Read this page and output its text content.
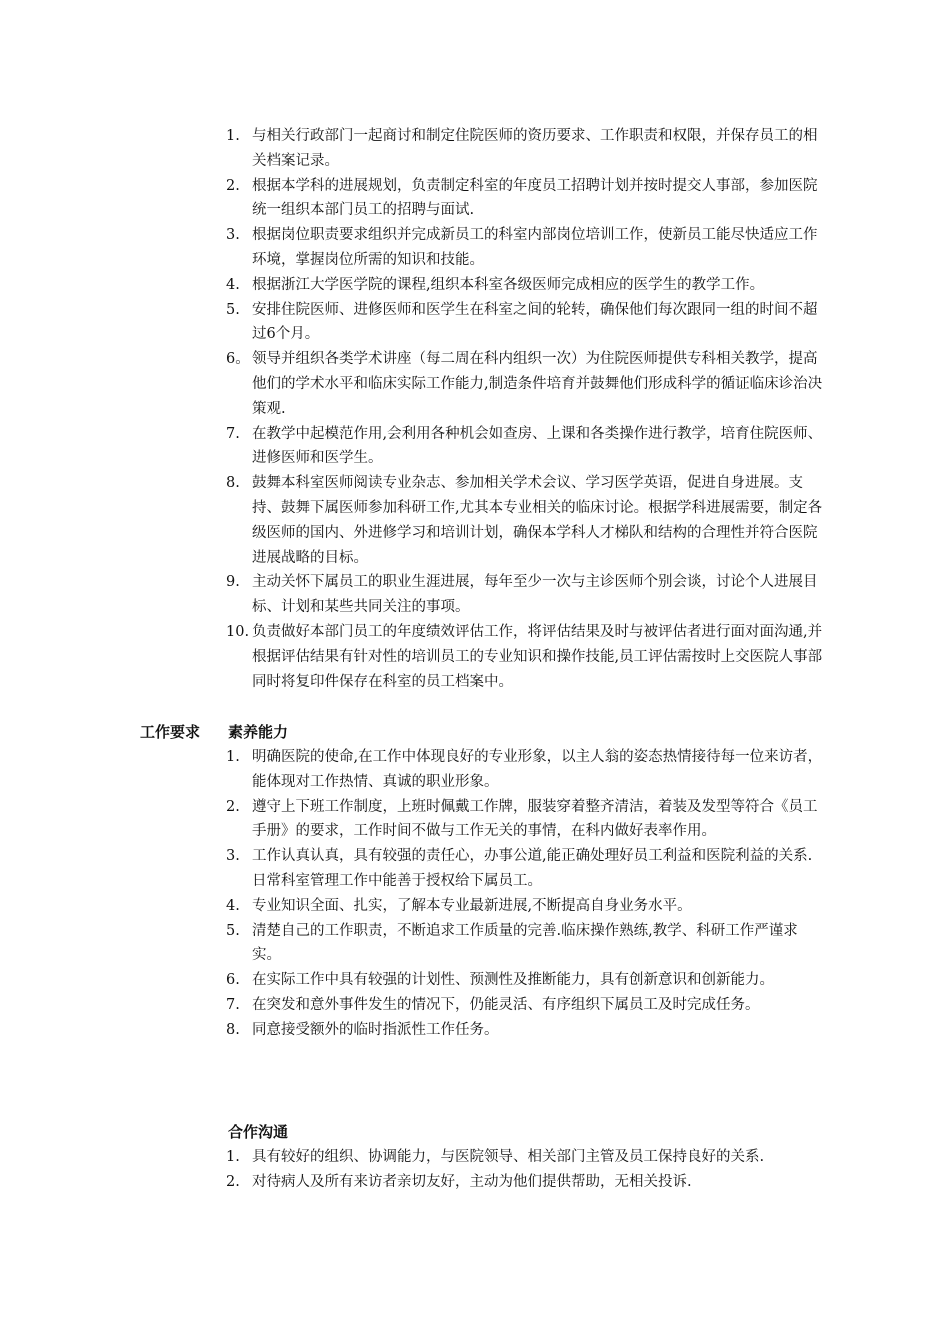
1. 与相关行政部门一起商讨和制定住院医师的资历要求、工作职责和权限，并保存员工的相关档案记录。
2. 根据本学科的进展规划，负责制定科室的年度员工招聘计划并按时提交人事部，参加医院统一组织本部门员工的招聘与面试.
3. 根据岗位职责要求组织并完成新员工的科室内部岗位培训工作，使新员工能尽快适应工作环境，掌握岗位所需的知识和技能。
4. 根据浙江大学医学院的课程,组织本科室各级医师完成相应的医学生的教学工作。
5. 安排住院医师、进修医师和医学生在科室之间的轮转，确保他们每次跟同一组的时间不超过6个月。
6。 领导并组织各类学术讲座（每二周在科内组织一次）为住院医师提供专科相关教学，提高他们的学术水平和临床实际工作能力,制造条件培育并鼓舞他们形成科学的循证临床诊治决策观.
7. 在教学中起模范作用,会利用各种机会如查房、上课和各类操作进行教学，培育住院医师、进修医师和医学生。
8. 鼓舞本科室医师阅读专业杂志、参加相关学术会议、学习医学英语，促进自身进展。支持、鼓舞下属医师参加科研工作,尤其本专业相关的临床讨论。根据学科进展需要，制定各级医师的国内、外进修学习和培训计划，确保本学科人才梯队和结构的合理性并符合医院进展战略的目标。
9. 主动关怀下属员工的职业生涯进展，每年至少一次与主诊医师个别会谈，讨论个人进展目标、计划和某些共同关注的事项。
10. 负责做好本部门员工的年度绩效评估工作，将评估结果及时与被评估者进行面对面沟通,并根据评估结果有针对性的培训员工的专业知识和操作技能,员工评估需按时上交医院人事部同时将复印件保存在科室的员工档案中。
工作要求 素养能力
1. 明确医院的使命,在工作中体现良好的专业形象，以主人翁的姿态热情接待每一位来访者，能体现对工作热情、真诚的职业形象。
2. 遵守上下班工作制度，上班时佩戴工作牌，服装穿着整齐清洁，着装及发型等符合《员工手册》的要求，工作时间不做与工作无关的事情，在科内做好表率作用。
3. 工作认真认真，具有较强的责任心，办事公道,能正确处理好员工利益和医院利益的关系.日常科室管理工作中能善于授权给下属员工。
4. 专业知识全面、扎实，了解本专业最新进展,不断提高自身业务水平。
5. 清楚自己的工作职责，不断追求工作质量的完善.临床操作熟练,教学、科研工作严谨求实。
6. 在实际工作中具有较强的计划性、预测性及推断能力，具有创新意识和创新能力。
7. 在突发和意外事件发生的情况下，仍能灵活、有序组织下属员工及时完成任务。
8. 同意接受额外的临时指派性工作任务。
合作沟通
1. 具有较好的组织、协调能力，与医院领导、相关部门主管及员工保持良好的关系.
2. 对待病人及所有来访者亲切友好，主动为他们提供帮助，无相关投诉.
